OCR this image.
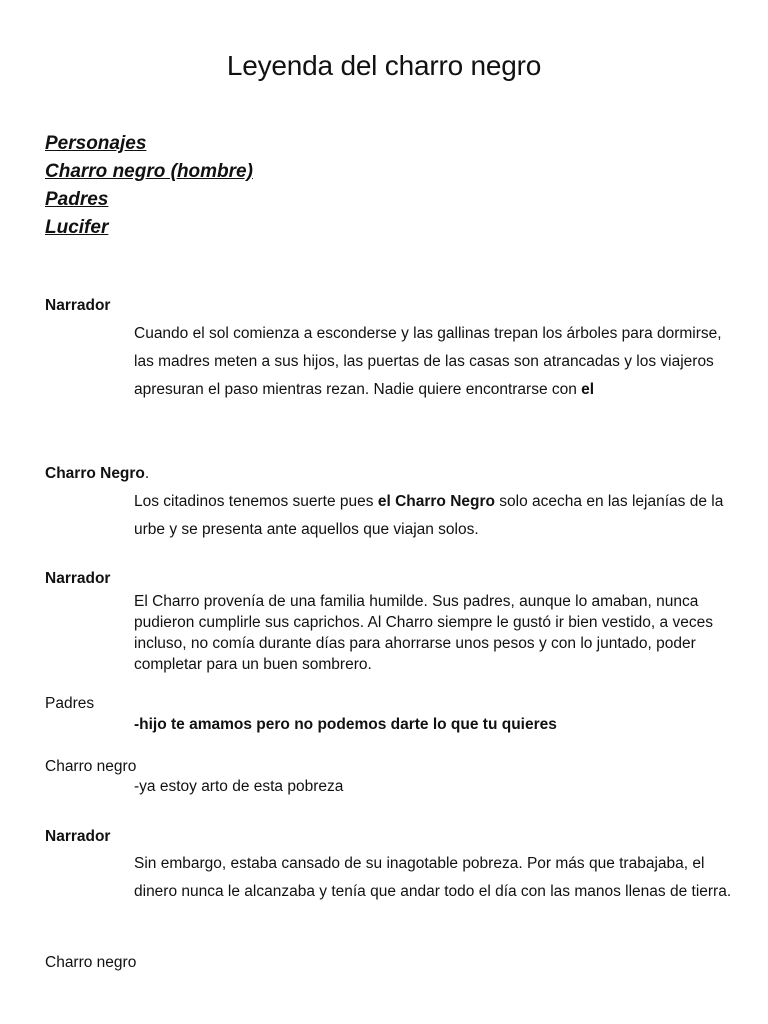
Leyenda del charro negro
Personajes
Charro negro (hombre)
Padres
Lucifer
Narrador
Cuando el sol comienza a esconderse y las gallinas trepan los árboles para dormirse, las madres meten a sus hijos, las puertas de las casas son atrancadas y los viajeros apresuran el paso mientras rezan. Nadie quiere encontrarse con el
Charro Negro.
Los citadinos tenemos suerte pues el Charro Negro solo acecha en las lejanías de la urbe y se presenta ante aquellos que viajan solos.
Narrador
El Charro provenía de una familia humilde. Sus padres, aunque lo amaban, nunca pudieron cumplirle sus caprichos. Al Charro siempre le gustó ir bien vestido, a veces incluso, no comía durante días para ahorrarse unos pesos y con lo juntado, poder completar para un buen sombrero.
Padres
-hijo te amamos pero no podemos darte lo que tu quieres
Charro negro
-ya estoy arto de esta pobreza
Narrador
Sin embargo, estaba cansado de su inagotable pobreza. Por más que trabajaba, el dinero nunca le alcanzaba y tenía que andar todo el día con las manos llenas de tierra.
Charro negro
